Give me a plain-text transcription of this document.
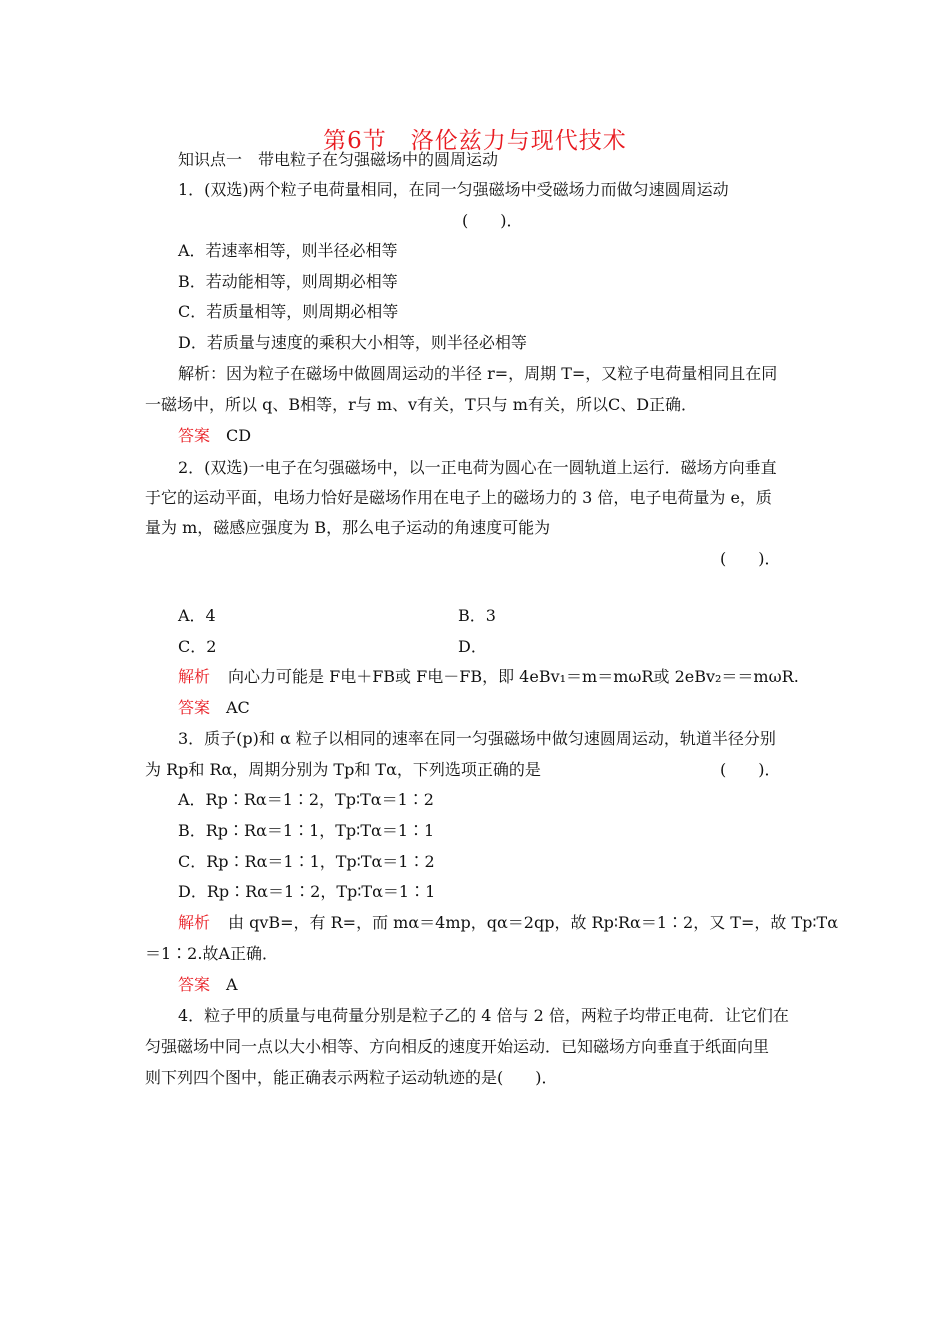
第6节　洛伦兹力与现代技术
知识点一　带电粒子在匀强磁场中的圆周运动
1．(双选)两个粒子电荷量相同，在同一匀强磁场中受磁场力而做匀速圆周运动
(　　)．
A．若速率相等，则半径必相等
B．若动能相等，则周期必相等
C．若质量相等，则周期必相等
D．若质量与速度的乘积大小相等，则半径必相等
解析：因为粒子在磁场中做圆周运动的半径 r=，周期 T=，又粒子电荷量相同且在同
一磁场中，所以 q、B相等，r与 m、v有关，T只与 m有关，所以C、D正确．
答案 CD
2．(双选)一电子在匀强磁场中，以一正电荷为圆心在一圆轨道上运行．磁场方向垂直
于它的运动平面，电场力恰好是磁场作用在电子上的磁场力的 3 倍，电子电荷量为 e，质
量为 m，磁感应强度为 B，那么电子运动的角速度可能为
(　　)．
A．4	B．3
C．2	D．
解析 向心力可能是 F电＋FB或 F电－FB，即 4eBv₁＝m＝mωR或 2eBv₂＝＝mωR.
答案 AC
3．质子(p)和 α 粒子以相同的速率在同一匀强磁场中做匀速圆周运动，轨道半径分别
为 Rp和 Rα，周期分别为 Tp和 Tα，下列选项正确的是	(　　)．
A．Rp∶Rα＝1∶2，Tp∶Tα＝1∶2
B．Rp∶Rα＝1∶1，Tp∶Tα＝1∶1
C．Rp∶Rα＝1∶1，Tp∶Tα＝1∶2
D．Rp∶Rα＝1∶2，Tp∶Tα＝1∶1
解析 由 qvB=，有 R=，而 mα＝4mp，qα＝2qp，故 Rp∶Rα＝1∶2，又 T=，故 Tp∶Tα
＝1∶2.故A正确．
答案 A
4．粒子甲的质量与电荷量分别是粒子乙的 4 倍与 2 倍，两粒子均带正电荷．让它们在
匀强磁场中同一点以大小相等、方向相反的速度开始运动．已知磁场方向垂直于纸面向里
则下列四个图中，能正确表示两粒子运动轨迹的是(　　)．
